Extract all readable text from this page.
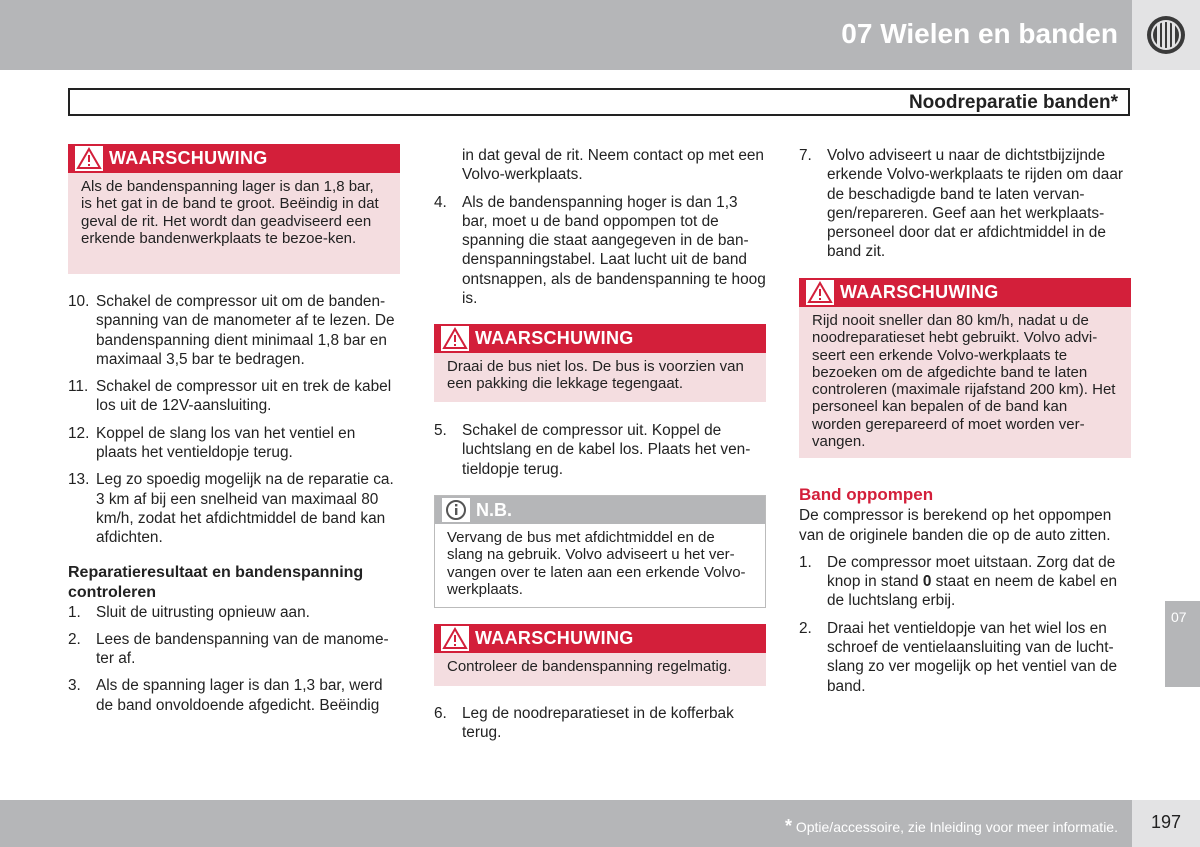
07 Wielen en banden
Noodreparatie banden*
WAARSCHUWING
Als de bandenspanning lager is dan 1,8 bar, is het gat in de band te groot. Beëindig in dat geval de rit. Het wordt dan geadviseerd een erkende bandenwerkplaats te bezoe-ken.

10. Schakel de compressor uit om de banden-spanning van de manometer af te lezen. De bandenspanning dient minimaal 1,8 bar en maximaal 3,5 bar te bedragen.

11. Schakel de compressor uit en trek de kabel los uit de 12V-aansluiting.

12. Koppel de slang los van het ventiel en plaats het ventieldopje terug.

13. Leg zo spoedig mogelijk na de reparatie ca. 3 km af bij een snelheid van maximaal 80 km/h, zodat het afdichtmiddel de band kan afdichten.

Reparatieresultaat en bandenspanning controleren

1. Sluit de uitrusting opnieuw aan.

2. Lees de bandenspanning van de manome-ter af.

3. Als de spanning lager is dan 1,3 bar, werd de band onvoldoende afgedicht. Beëindig

in dat geval de rit. Neem contact op met een Volvo-werkplaats.

4. Als de bandenspanning hoger is dan 1,3 bar, moet u de band oppompen tot de spanning die staat aangegeven in de ban-denspanningstabel. Laat lucht uit de band ontsnappen, als de bandenspanning te hoog is.

WAARSCHUWING
Draai de bus niet los. De bus is voorzien van een pakking die lekkage tegengaat.

5. Schakel de compressor uit. Koppel de luchtslang en de kabel los. Plaats het ven-tieldopje terug.

N.B.
Vervang de bus met afdichtmiddel en de slang na gebruik. Volvo adviseert u het ver-vangen over te laten aan een erkende Volvo-werkplaats.
WAARSCHUWING
Controleer de bandenspanning regelmatig.

6. Leg de noodreparatieset in de kofferbak terug.

7. Volvo adviseert u naar de dichtstbijzijnde erkende Volvo-werkplaats te rijden om daar de beschadigde band te laten vervan-gen/repareren. Geef aan het werkplaats-personeel door dat er afdichtmiddel in de band zit.

WAARSCHUWING
Rijd nooit sneller dan 80 km/h, nadat u de noodreparatieset hebt gebruikt. Volvo advi-seert een erkende Volvo-werkplaats te bezoeken om de afgedichte band te laten controleren (maximale rijafstand 200 km). Het personeel kan bepalen of de band kan worden gerepareerd of moet worden ver-vangen.
Band oppompen

De compressor is berekend op het oppompen van de originele banden die op de auto zitten.

1. De compressor moet uitstaan. Zorg dat de knop in stand 0 staat en neem de kabel en de luchtslang erbij.

2. Draai het ventieldopje van het wiel los en schroef de ventielaansluiting van de lucht-slang zo ver mogelijk op het ventiel van de band.

07
* Optie/accessoire, zie Inleiding voor meer informatie.	197
